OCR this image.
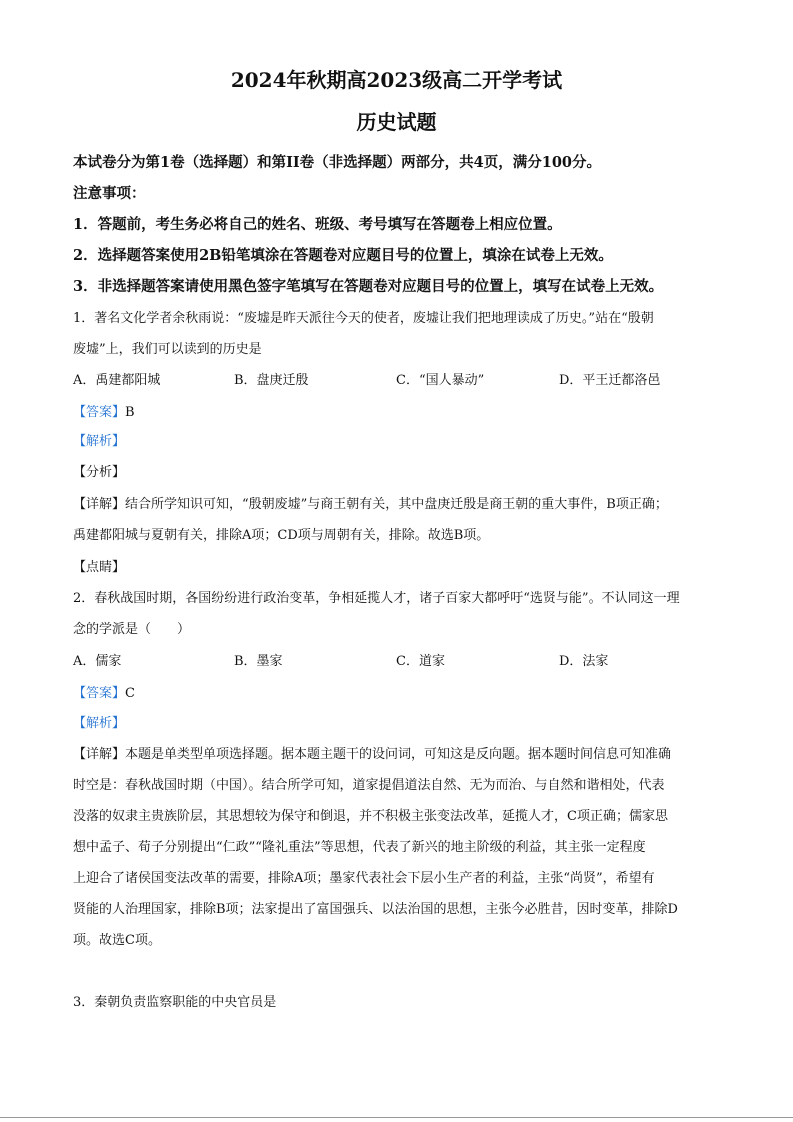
2024年秋期高2023级高二开学考试
历史试题
本试卷分为第1卷（选择题）和第II卷（非选择题）两部分，共4页，满分100分。
注意事项：
1．答题前，考生务必将自己的姓名、班级、考号填写在答题卷上相应位置。
2．选择题答案使用2B铅笔填涂在答题卷对应题目号的位置上，填涂在试卷上无效。
3．非选择题答案请使用黑色签字笔填写在答题卷对应题目号的位置上，填写在试卷上无效。
1．著名文化学者余秋雨说：“废墟是昨天派往今天的使者，废墟让我们把地理读成了历史。”站在“殷朝
废墟”上，我们可以读到的历史是
A．禹建都阳城	B．盘庚迁殷	C．“国人暴动”	D．平王迁都洛邑
【答案】B
【解析】
【分析】
【详解】结合所学知识可知，“殷朝废墟”与商王朝有关，其中盘庚迁殷是商王朝的重大事件，B项正确；
禹建都阳城与夏朝有关，排除A项；CD项与周朝有关，排除。故选B项。
【点睛】
2．春秋战国时期，各国纷纷进行政治变革，争相延揽人才，诸子百家大都呼吁“选贤与能”。不认同这一理
念的学派是（　　）
A．儒家	B．墨家	C．道家	D．法家
【答案】C
【解析】
【详解】本题是单类型单项选择题。据本题主题干的设问词，可知这是反向题。据本题时间信息可知准确
时空是：春秋战国时期（中国）。结合所学可知，道家提倡道法自然、无为而治、与自然和谐相处，代表
没落的奴隶主贵族阶层，其思想较为保守和倒退，并不积极主张变法改革，延揽人才，C项正确；儒家思
想中孟子、荀子分别提出“仁政”“隆礼重法”等思想，代表了新兴的地主阶级的利益，其主张一定程度
上迎合了诸侯国变法改革的需要，排除A项；墨家代表社会下层小生产者的利益，主张“尚贤”，希望有
贤能的人治理国家，排除B项；法家提出了富国强兵、以法治国的思想，主张今必胜昔，因时变革，排除D
项。故选C项。
3．秦朝负责监察职能的中央官员是
